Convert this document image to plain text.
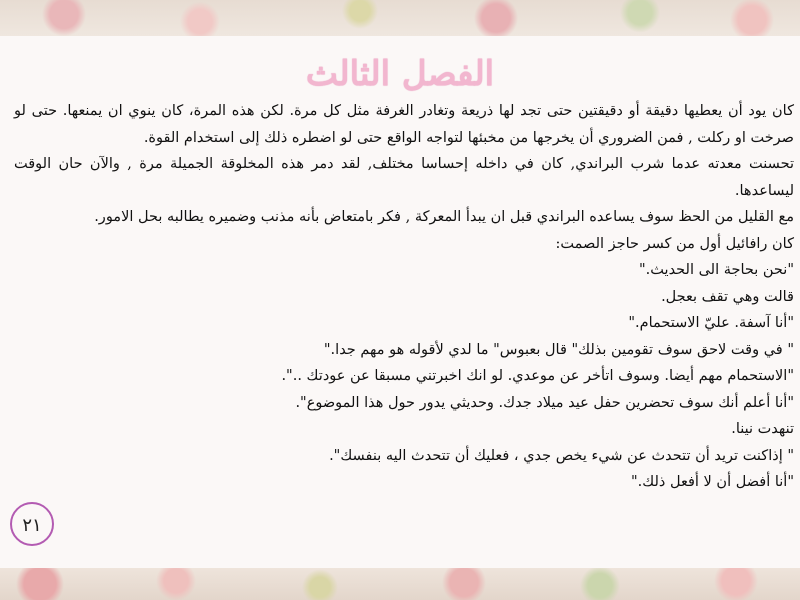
الفصل الثالث

كان يود أن يعطيها دقيقة أو دقيقتين حتى تجد لها ذريعة وتغادر الغرفة مثل كل مرة. لكن هذه المرة، كان ينوي ان يمنعها. حتى لو صرخت او ركلت , فمن الضروري أن يخرجها من مخبئها لتواجه الواقع حتى لو اضطره ذلك إلى استخدام القوة.

تحسنت معدته عدما شرب البراندي, كان في داخله إحساسا مختلف, لقد دمر هذه المخلوقة الجميلة مرة , والآن حان الوقت ليساعدها.

مع القليل من الحظ سوف يساعده البراندي قبل ان يبدأ المعركة , فكر بامتعاض بأنه مذنب وضميره يطالبه بحل الامور.

كان رافائيل أول من كسر حاجز الصمت:

"نحن بحاجة الى الحديث."

قالت وهي تقف بعجل.

"أنا آسفة. عليّ الاستحمام."

" في وقت لاحق سوف تقومين بذلك" قال بعبوس" ما لدي لأقوله هو مهم جدا."

"الاستحمام مهم أيضا. وسوف اتأخر عن موعدي. لو انك اخبرتني مسبقا عن عودتك ..".

"أنا أعلم أنك سوف تحضرين حفل عيد ميلاد جدك. وحديثي يدور حول هذا الموضوع".

تنهدت نينا.

" إذاكنت تريد أن تتحدث عن شيء يخص جدي ، فعليك أن تتحدث اليه بنفسك".

"أنا أفضل أن لا أفعل ذلك."

٢١
